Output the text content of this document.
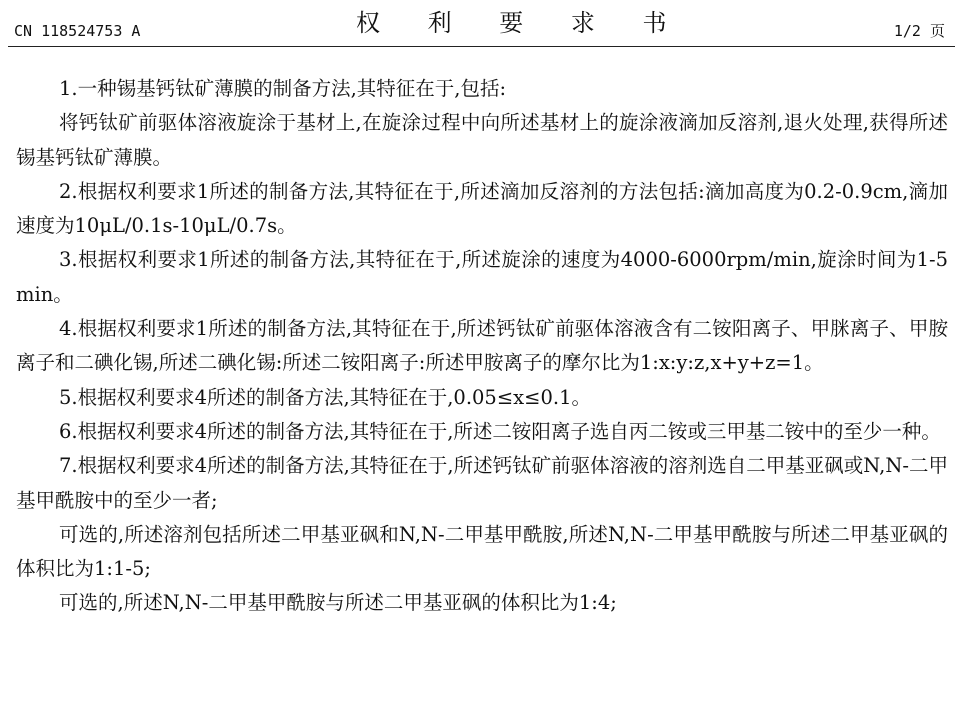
CN 118524753 A	权 利 要 求 书	1/2 页

1.一种锡基钙钛矿薄膜的制备方法,其特征在于,包括:

将钙钛矿前驱体溶液旋涂于基材上,在旋涂过程中向所述基材上的旋涂液滴加反溶剂,退火处理,获得所述锡基钙钛矿薄膜。

2.根据权利要求1所述的制备方法,其特征在于,所述滴加反溶剂的方法包括:滴加高度为0.2-0.9cm,滴加速度为10μL/0.1s-10μL/0.7s。

3.根据权利要求1所述的制备方法,其特征在于,所述旋涂的速度为4000-6000rpm/min,旋涂时间为1-5min。

4.根据权利要求1所述的制备方法,其特征在于,所述钙钛矿前驱体溶液含有二铵阳离子、甲脒离子、甲胺离子和二碘化锡,所述二碘化锡:所述二铵阳离子:所述甲胺离子的摩尔比为1:x:y:z,x+y+z=1。

5.根据权利要求4所述的制备方法,其特征在于,0.05≤x≤0.1。

6.根据权利要求4所述的制备方法,其特征在于,所述二铵阳离子选自丙二铵或三甲基二铵中的至少一种。

7.根据权利要求4所述的制备方法,其特征在于,所述钙钛矿前驱体溶液的溶剂选自二甲基亚砜或N,N-二甲基甲酰胺中的至少一者;

可选的,所述溶剂包括所述二甲基亚砜和N,N-二甲基甲酰胺,所述N,N-二甲基甲酰胺与所述二甲基亚砜的体积比为1:1-5;

可选的,所述N,N-二甲基甲酰胺与所述二甲基亚砜的体积比为1:4;
